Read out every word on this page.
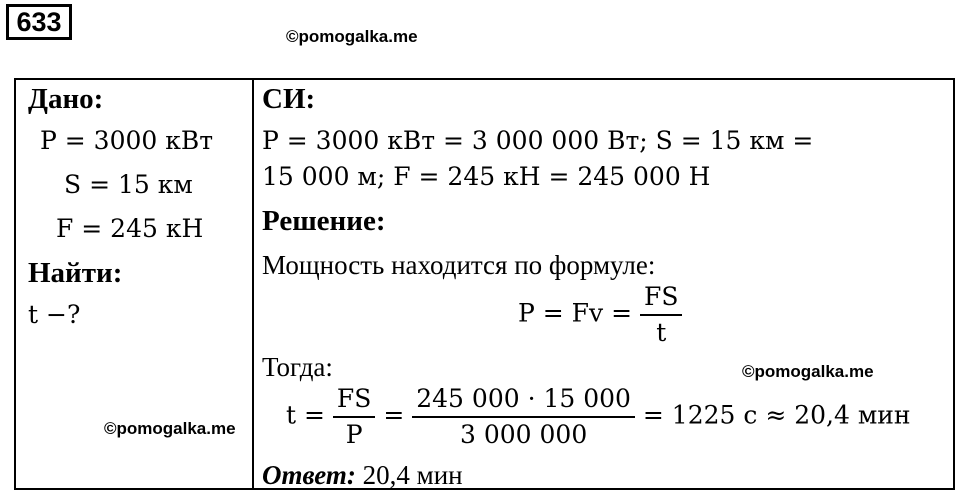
633	©pomogalka.me
Дано:
P = 3000 кВт
S = 15 км
F = 245 кН
Найти:
t −?
СИ:
P = 3000 кВт = 3 000 000 Вт; S = 15 км =
15 000 м; F = 245 кН = 245 000 Н
Решение:
Мощность находится по формуле:
$P = Fv = \frac{FS}{t}$
Тогда:
$t = \frac{FS}{P} = \frac{245 000 \cdot 15 000}{3 000 000} = 1225$ с ≈ 20,4 мин
Ответ: 20,4 мин
©pomogalka.me
©pomogalka.me
